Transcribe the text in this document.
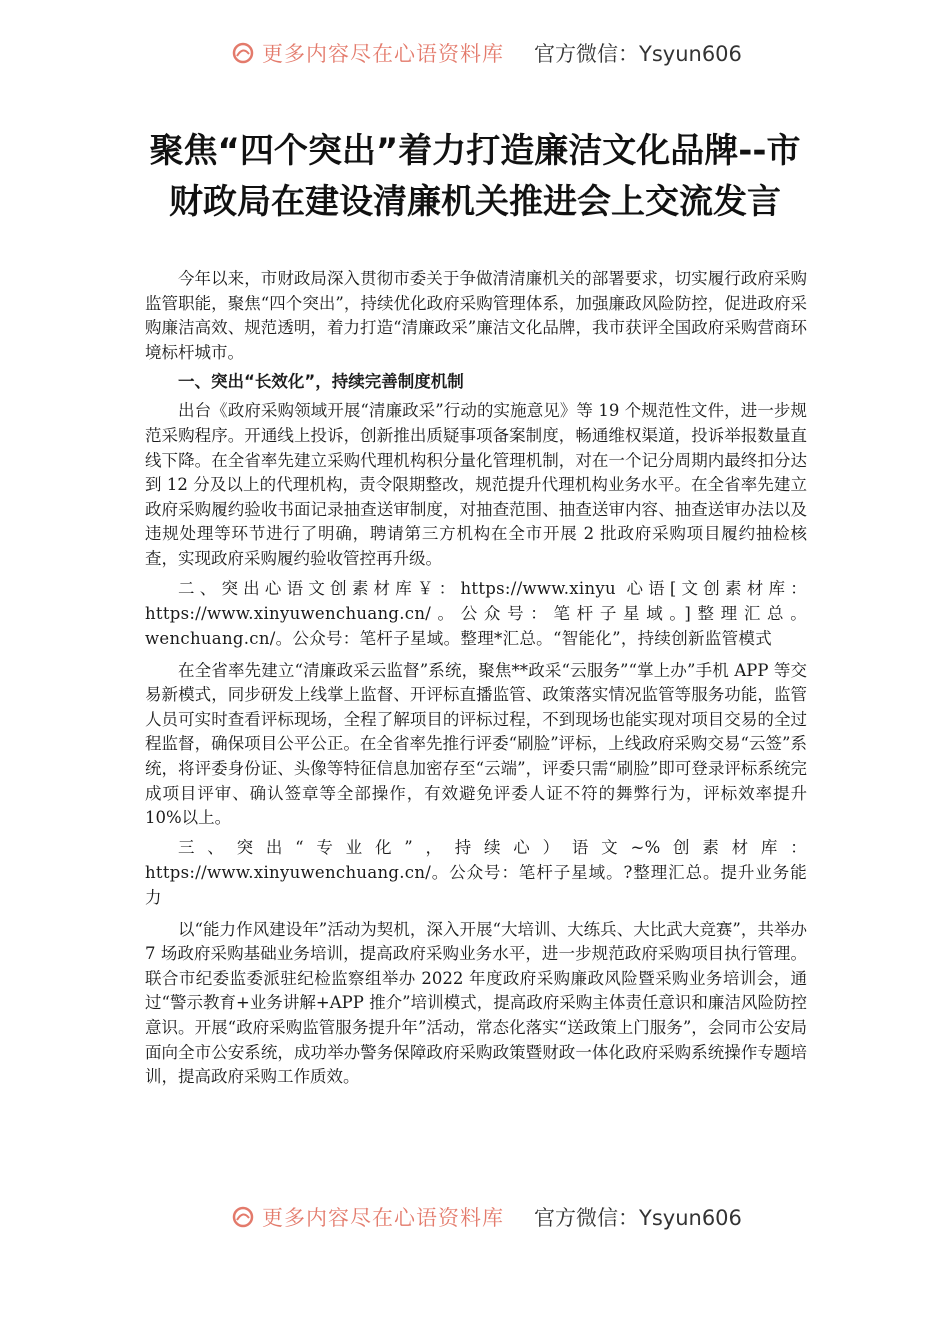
更多内容尽在心语资料库 官方微信：Ysyun606
聚焦“四个突出”着力打造廉洁文化品牌--市财政局在建设清廉机关推进会上交流发言

今年以来，市财政局深入贯彻市委关于争做清清廉机关的部署要求，切实履行政府采购监管职能，聚焦“四个突出”，持续优化政府采购管理体系，加强廉政风险防控，促进政府采购廉洁高效、规范透明，着力打造“清廉政采”廉洁文化品牌，我市获评全国政府采购营商环境标杆城市。

一、突出“长效化”，持续完善制度机制

出台《政府采购领域开展“清廉政采”行动的实施意见》等 19 个规范性文件，进一步规范采购程序。开通线上投诉，创新推出质疑事项备案制度，畅通维权渠道，投诉举报数量直线下降。在全省率先建立采购代理机构积分量化管理机制，对在一个记分周期内最终扣分达到 12 分及以上的代理机构，责令限期整改，规范提升代理机构业务水平。在全省率先建立政府采购履约验收书面记录抽查送审制度，对抽查范围、抽查送审内容、抽查送审办法以及违规处理等环节进行了明确，聘请第三方机构在全市开展 2 批政府采购项目履约抽检核查，实现政府采购履约验收管控再升级。

二、突出心语文创素材库￥：https://www.xinyu 心语[文创素材库：https://www.xinyuwenchuang.cn/。公众号：笔杆子星域。]整理汇总。wenchuang.cn/。公众号：笔杆子星域。整理*汇总。“智能化”，持续创新监管模式

在全省率先建立“清廉政采云监督”系统，聚焦**政采“云服务”“掌上办”手机 APP 等交易新模式，同步研发上线掌上监督、开评标直播监管、政策落实情况监管等服务功能，监管人员可实时查看评标现场，全程了解项目的评标过程，不到现场也能实现对项目交易的全过程监督，确保项目公平公正。在全省率先推行评委“刷脸”评标，上线政府采购交易“云签”系统，将评委身份证、头像等特征信息加密存至“云端”，评委只需“刷脸”即可登录评标系统完成项目评审、确认签章等全部操作，有效避免评委人证不符的舞弊行为，评标效率提升 10%以上。

三、突出“专业化”，持续心）语文~%创素材库：https://www.xinyuwenchuang.cn/。公众号：笔杆子星域。?整理汇总。提升业务能力

以“能力作风建设年”活动为契机，深入开展“大培训、大练兵、大比武大竞赛”，共举办 7 场政府采购基础业务培训，提高政府采购业务水平，进一步规范政府采购项目执行管理。联合市纪委监委派驻纪检监察组举办 2022 年度政府采购廉政风险暨采购业务培训会，通过“警示教育+业务讲解+APP 推介”培训模式，提高政府采购主体责任意识和廉洁风险防控意识。开展“政府采购监管服务提升年”活动，常态化落实“送政策上门服务”，会同市公安局面向全市公安系统，成功举办警务保障政府采购政策暨财政一体化政府采购系统操作专题培训，提高政府采购工作质效。

更多内容尽在心语资料库 官方微信：Ysyun606
